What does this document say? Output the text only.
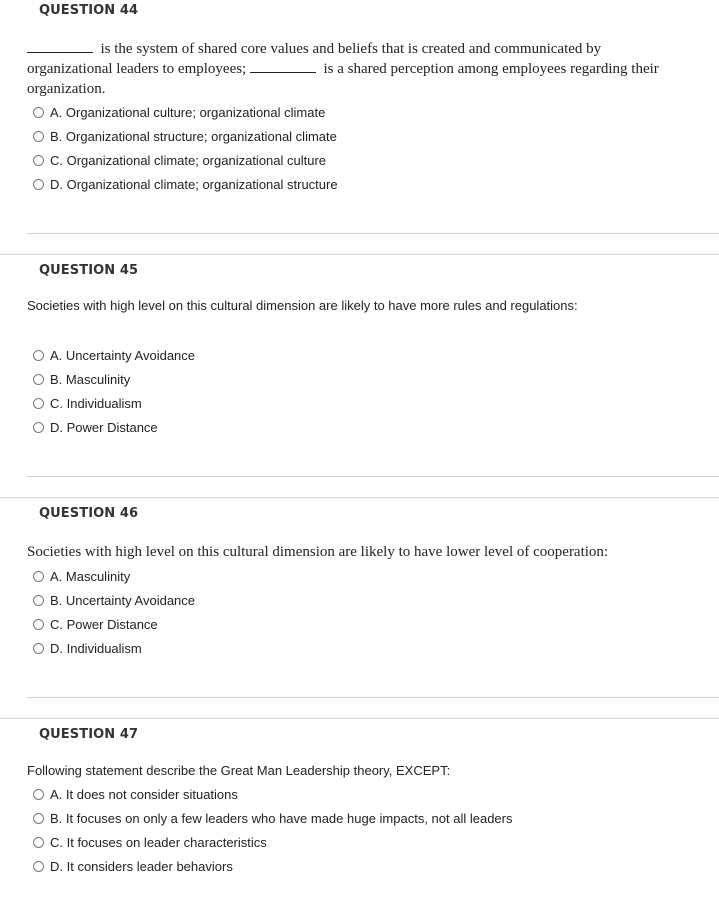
QUESTION 44
is the system of shared core values and beliefs that is created and communicated by
organizational leaders to employees;	is a shared perception among employees regarding their
organization.
A. Organizational culture; organizational climate
B. Organizational structure; organizational climate
C. Organizational climate; organizational culture
D. Organizational climate; organizational structure
QUESTION 45
Societies with high level on this cultural dimension are likely to have more rules and regulations:
A. Uncertainty Avoidance
B. Masculinity
C. Individualism
D. Power Distance
QUESTION 46
Societies with high level on this cultural dimension are likely to have lower level of cooperation:
A. Masculinity
B. Uncertainty Avoidance
C. Power Distance
D. Individualism
QUESTION 47
Following statement describe the Great Man Leadership theory, EXCEPT:
A. It does not consider situations
B. It focuses on only a few leaders who have made huge impacts, not all leaders
C. It focuses on leader characteristics
D. It considers leader behaviors
